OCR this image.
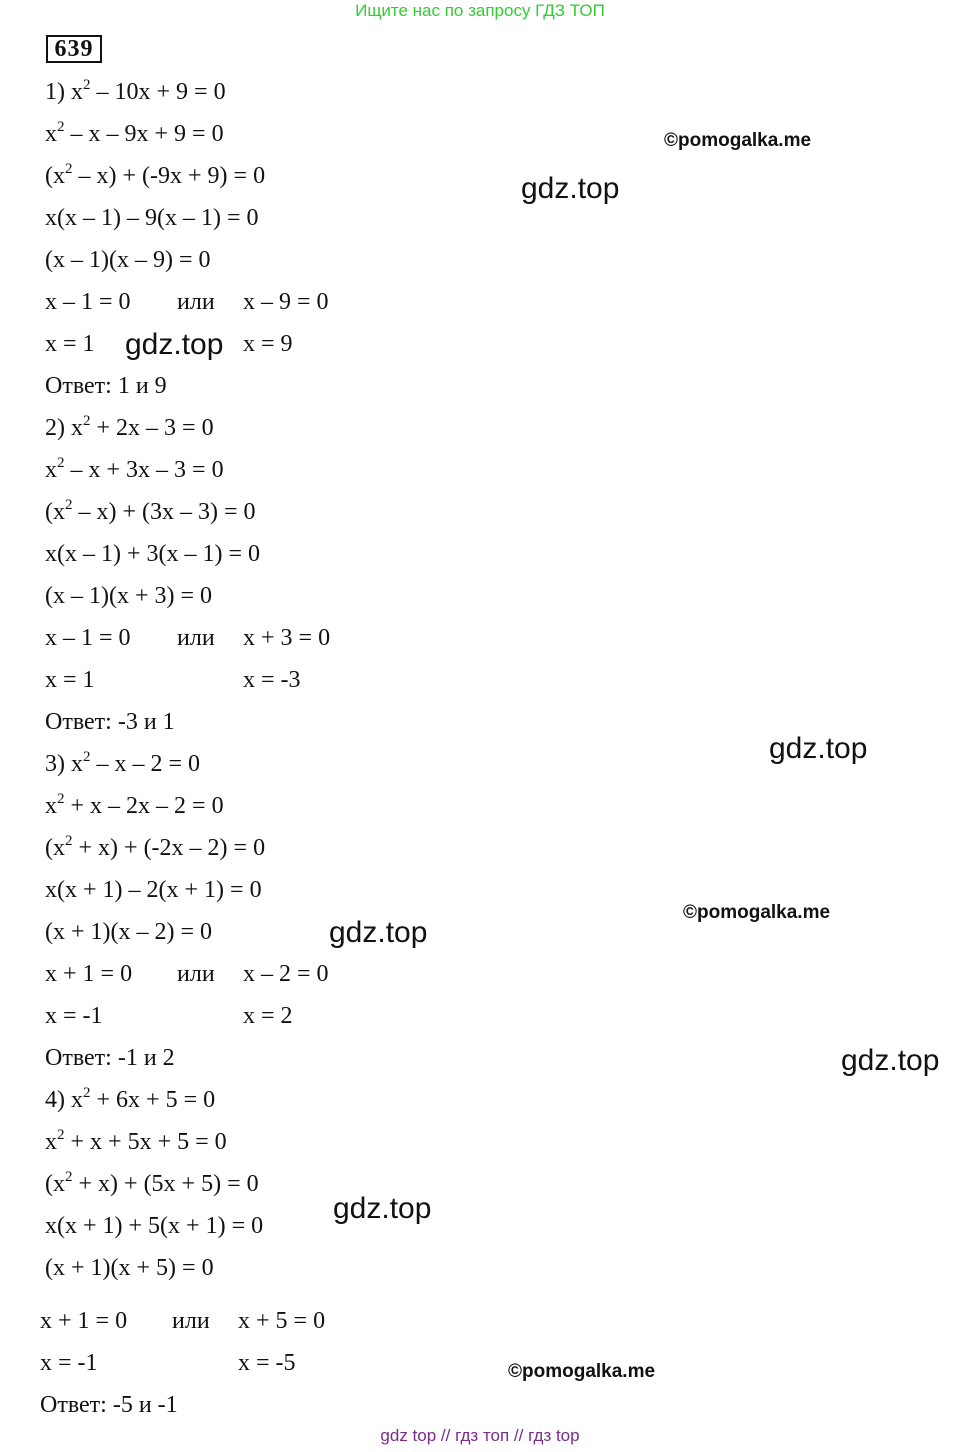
Ищите нас по запросу ГДЗ ТОП
639
1) $x^2 - 10x + 9 = 0$
$x^2 - x - 9x + 9 = 0$
$(x^2 - x) + (-9x + 9) = 0$
x(x – 1) – 9(x – 1) = 0
(x – 1)(x – 9) = 0
x – 1 = 0 или x – 9 = 0
x = 1	x = 9
Ответ: 1 и 9
2) $x^2 + 2x - 3 = 0$
$x^2 - x + 3x - 3 = 0$
$(x^2 - x) + (3x - 3) = 0$
x(x – 1) + 3(x – 1) = 0
(x – 1)(x + 3) = 0
x – 1 = 0 или x + 3 = 0
x = 1	x = -3
Ответ: -3 и 1
3) $x^2 - x - 2 = 0$
$x^2 + x - 2x - 2 = 0$
$(x^2 + x) + (-2x - 2) = 0$
x(x + 1) – 2(x + 1) = 0
(x + 1)(x – 2) = 0
x + 1 = 0 или x – 2 = 0
x = -1	x = 2
Ответ: -1 и 2
4) $x^2 + 6x + 5 = 0$
$x^2 + x + 5x + 5 = 0$
$(x^2 + x) + (5x + 5) = 0$
x(x + 1) + 5(x + 1) = 0
(x + 1)(x + 5) = 0
x + 1 = 0 или x + 5 = 0
x = -1	x = -5
Ответ: -5 и -1
©pomogalka.me
gdz.top
gdz.top
gdz.top
©pomogalka.me
gdz.top
gdz.top
gdz.top
©pomogalka.me
gdz top // гдз топ // гдз top
